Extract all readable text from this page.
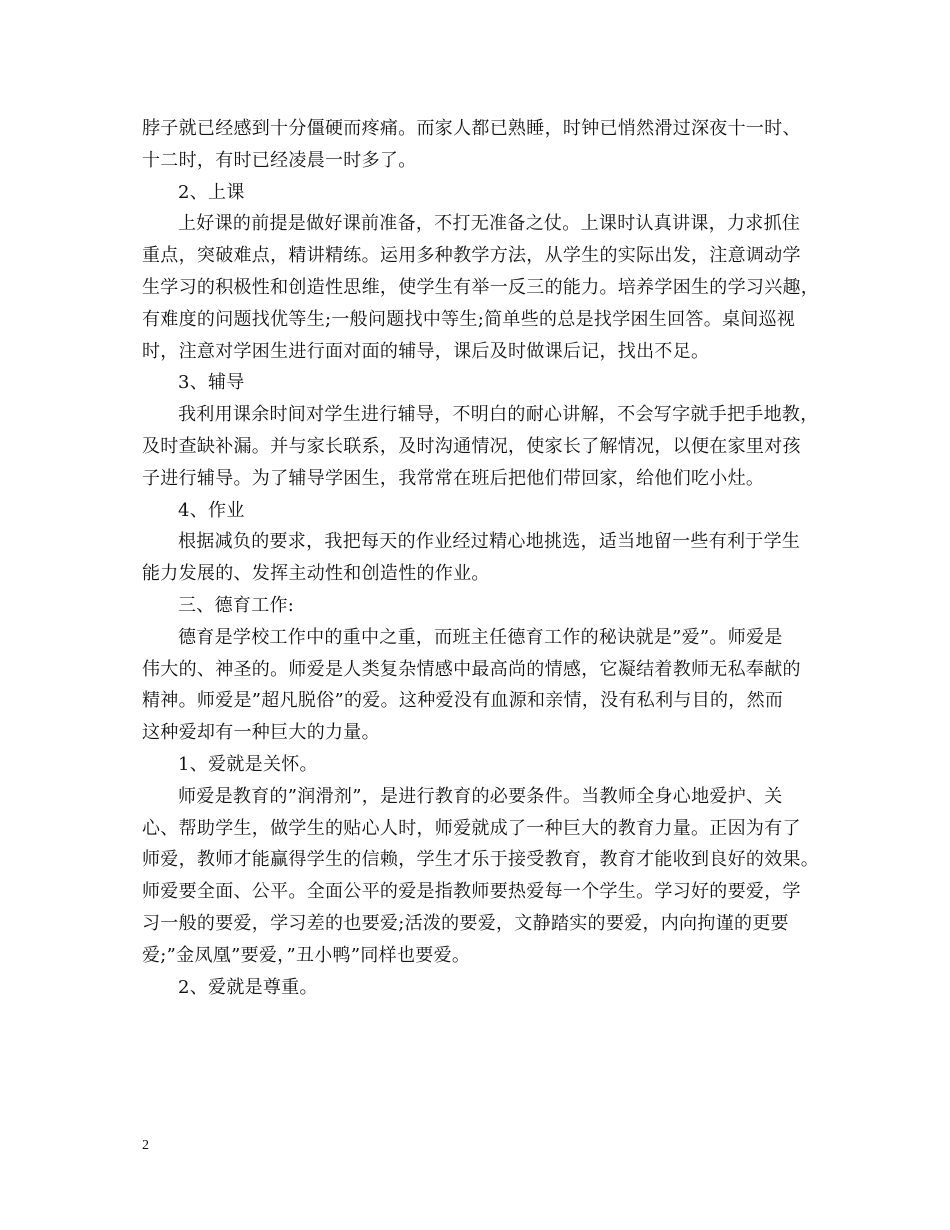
脖子就已经感到十分僵硬而疼痛。而家人都已熟睡，时钟已悄然滑过深夜十一时、
十二时，有时已经凌晨一时多了。
2、上课
上好课的前提是做好课前准备，不打无准备之仗。上课时认真讲课，力求抓住
重点，突破难点，精讲精练。运用多种教学方法，从学生的实际出发，注意调动学
生学习的积极性和创造性思维，使学生有举一反三的能力。培养学困生的学习兴趣，
有难度的问题找优等生;一般问题找中等生;简单些的总是找学困生回答。桌间巡视
时，注意对学困生进行面对面的辅导，课后及时做课后记，找出不足。
3、辅导
我利用课余时间对学生进行辅导，不明白的耐心讲解，不会写字就手把手地教，
及时查缺补漏。并与家长联系，及时沟通情况，使家长了解情况，以便在家里对孩
子进行辅导。为了辅导学困生，我常常在班后把他们带回家，给他们吃小灶。
4、作业
根据减负的要求，我把每天的作业经过精心地挑选，适当地留一些有利于学生
能力发展的、发挥主动性和创造性的作业。
三、德育工作:
德育是学校工作中的重中之重，而班主任德育工作的秘诀就是”爱”。师爱是
伟大的、神圣的。师爱是人类复杂情感中最高尚的情感，它凝结着教师无私奉献的
精神。师爱是”超凡脱俗”的爱。这种爱没有血源和亲情，没有私利与目的，然而
这种爱却有一种巨大的力量。
1、爱就是关怀。
师爱是教育的”润滑剂”，是进行教育的必要条件。当教师全身心地爱护、关
心、帮助学生，做学生的贴心人时，师爱就成了一种巨大的教育力量。正因为有了
师爱，教师才能赢得学生的信赖，学生才乐于接受教育，教育才能收到良好的效果。
师爱要全面、公平。全面公平的爱是指教师要热爱每一个学生。学习好的要爱，学
习一般的要爱，学习差的也要爱;活泼的要爱，文静踏实的要爱，内向拘谨的更要
爱;”金凤凰”要爱，”丑小鸭”同样也要爱。
2、爱就是尊重。
2
